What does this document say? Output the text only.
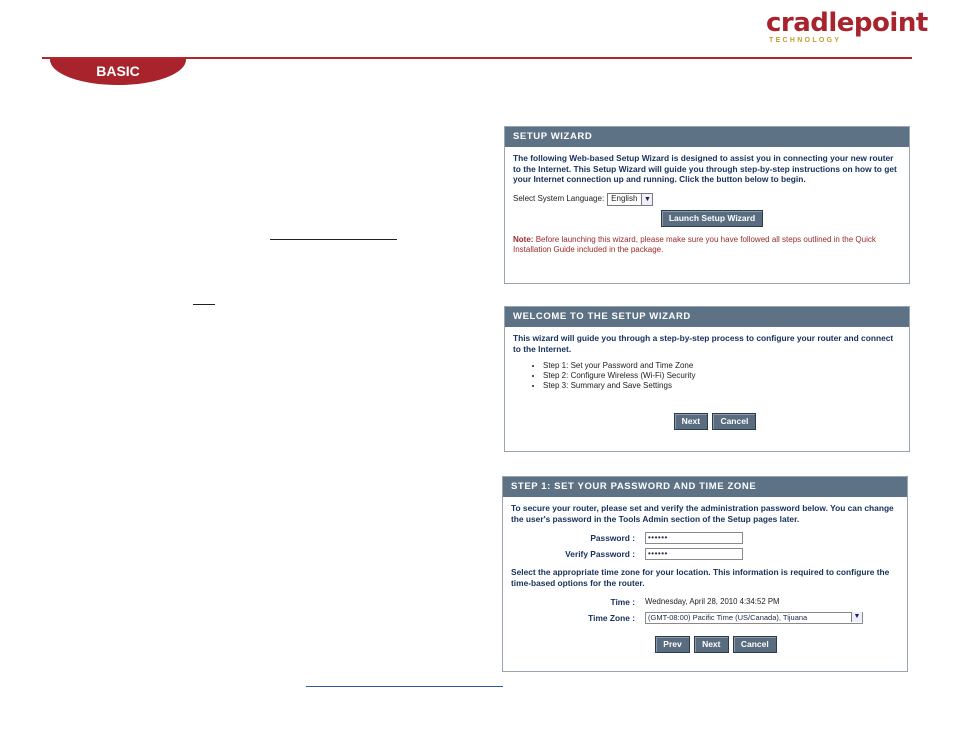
cradlepoint
TECHNOLOGY
BASIC
SETUP WIZARD
The following Web-based Setup Wizard is designed to assist you in connecting your new router to the Internet. This Setup Wizard will guide you through step-by-step instructions on how to get your Internet connection up and running. Click the button below to begin.
Select System Language: English ▼
Launch Setup Wizard
Note: Before launching this wizard, please make sure you have followed all steps outlined in the Quick Installation Guide included in the package.
WELCOME TO THE SETUP WIZARD
This wizard will guide you through a step-by-step process to configure your router and connect to the Internet.
• Step 1: Set your Password and Time Zone
• Step 2: Configure Wireless (Wi-Fi) Security
• Step 3: Summary and Save Settings
Next Cancel
STEP 1: SET YOUR PASSWORD AND TIME ZONE
To secure your router, please set and verify the administration password below. You can change the user's password in the Tools Admin section of the Setup pages later.
Password :	••••••
Verify Password :	••••••
Select the appropriate time zone for your location. This information is required to configure the time-based options for the router.
Time :	Wednesday, April 28, 2010 4:34:52 PM
Time Zone :	(GMT-08:00) Pacific Time (US/Canada), Tijuana	▼
Prev Next Cancel
